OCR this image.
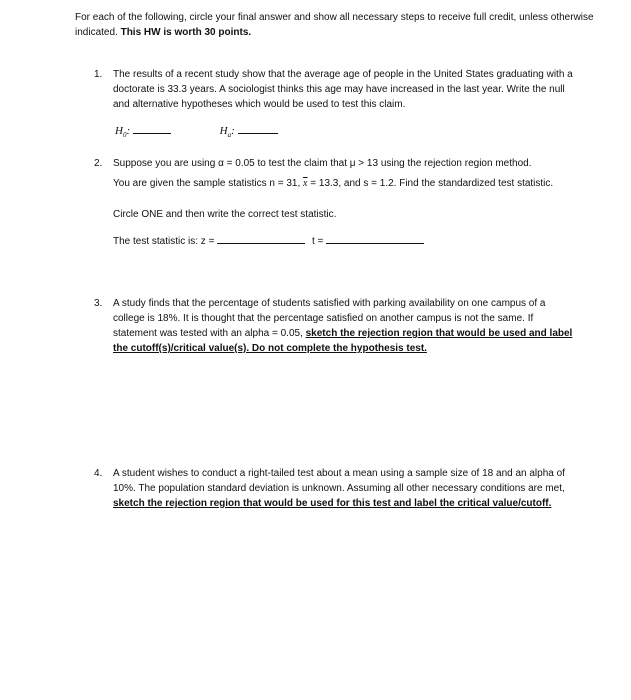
For each of the following, circle your final answer and show all necessary steps to receive full credit, unless otherwise indicated. This HW is worth 30 points.
1.	The results of a recent study show that the average age of people in the United States graduating with a doctorate is 33.3 years. A sociologist thinks this age may have increased in the last year. Write the null and alternative hypotheses which would be used to test this claim.
$H_0$:	$H_a$:
2.	Suppose you are using α = 0.05 to test the claim that μ > 13 using the rejection region method.
You are given the sample statistics n = 31, $\overline{x} = 13.3$, and s = 1.2. Find the standardized test statistic.
Circle ONE and then write the correct test statistic.
The test statistic is: z =	t =
3.	A study finds that the percentage of students satisfied with parking availability on one campus of a college is 18%. It is thought that the percentage satisfied on another campus is not the same. If statement was tested with an alpha = 0.05, sketch the rejection region that would be used and label the cutoff(s)/critical value(s). Do not complete the hypothesis test.
4.	A student wishes to conduct a right-tailed test about a mean using a sample size of 18 and an alpha of 10%. The population standard deviation is unknown. Assuming all other necessary conditions are met, sketch the rejection region that would be used for this test and label the critical value/cutoff.
